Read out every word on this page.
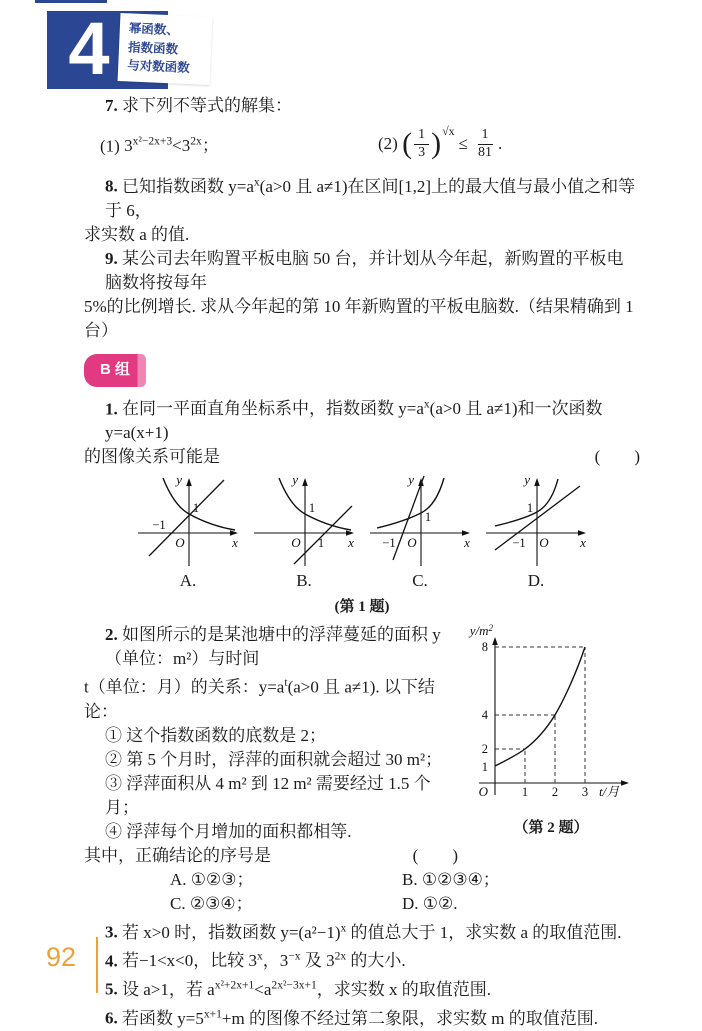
4	幂函数、
指数函数
与对数函数
7. 求下列不等式的解集：
(1) $3^{x^2-2x+3}<3^{2x}$；	(2)
( $\frac{1}{3}$ ) √x
≤ $\frac{1}{81}$ .
8. 已知指数函数 $y=a^x(a>0$ 且 a≠1)在区间[1,2]上的最大值与最小值之和等于 6，
求实数 a 的值.
9. 某公司去年购置平板电脑 50 台，并计划从今年起，新购置的平板电脑数将按每年
5%的比例增长. 求从今年起的第 10 年新购置的平板电脑数.（结果精确到 1 台）
B 组
1. 在同一平面直角坐标系中，指数函数 $y=a^x(a>0$ 且 a≠1)和一次函数 y=a(x+1)
的图像关系可能是	(　　)
y
x
O
1
−1
A.
y
x
O
1
1
B.
y
x
O
1
−1
C.
y
x
O
1
−1
D.
(第 1 题)
8
4
2
1
1 2 3
O
$y/m^2$
t/月
（第 2 题）
2. 如图所示的是某池塘中的浮萍蔓延的面积 y（单位：m²）与时间
t（单位：月）的关系：$y=a^t(a>0$ 且 a≠1). 以下结论：
① 这个指数函数的底数是 2；
② 第 5 个月时，浮萍的面积就会超过 30 m²；
③ 浮萍面积从 4 m² 到 12 m² 需要经过 1.5 个月；
④ 浮萍每个月增加的面积都相等.
其中，正确结论的序号是	(　　)
A. ①②③；	B. ①②③④；
C. ②③④；	D. ①②.
3. 若 x>0 时，指数函数 $y=(a^2-1)^x$ 的值总大于 1，求实数 a 的取值范围.
4. 若−1<x<0，比较 3$^x$，$3^{-x}$ 及 $3^{2x}$ 的大小.
5. 设 a>1，若 $a^{x^2+2x+1}<a^{2x^2-3x+1}$，求实数 x 的取值范围.
6. 若函数 $y=5^{x+1}+m$ 的图像不经过第二象限，求实数 m 的取值范围.
92
